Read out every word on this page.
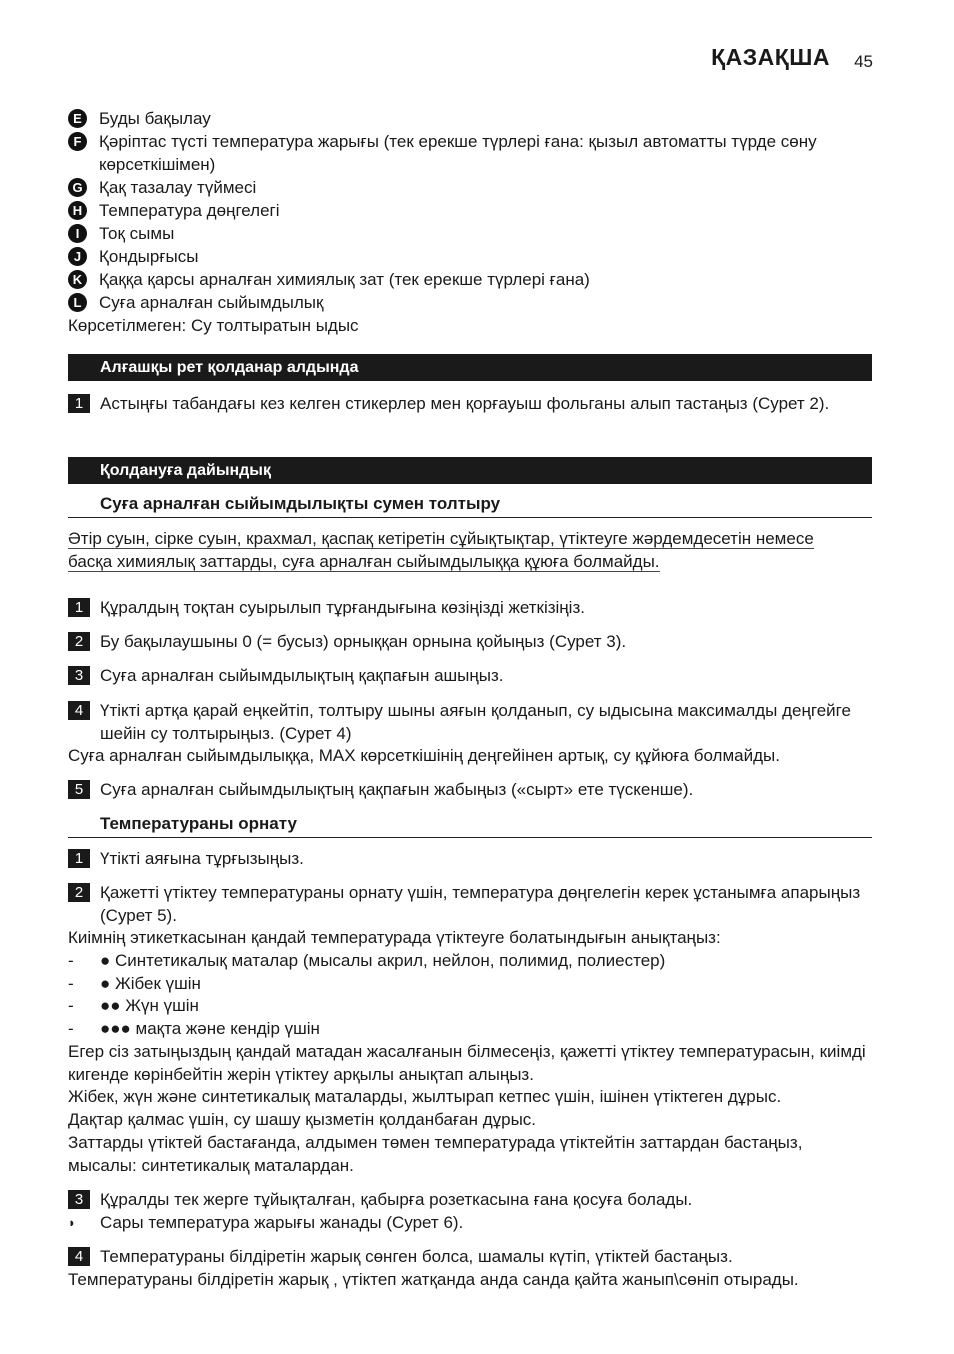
ҚАЗАҚША 45
E	Буды бақылау
F	Қәріптас түсті температура жарығы (тек ерекше түрлері ғана: қызыл автоматты түрде сөну көрсеткішімен)
G Қақ тазалау түймесі
H Температура дөңгелегі
I	Тоқ сымы
J	Қондырғысы
K Қаққа қарсы арналған химиялық зат (тек ерекше түрлері ғана)
L	Суға арналған сыйымдылық
Көрсетілмеген: Су толтыратын ыдыс
Алғашқы рет қолданар алдында
1 Астыңғы табандағы кез келген стикерлер мен қорғауыш фольганы алып тастаңыз (Сурет 2).
Қолдануға дайындық
Суға арналған сыйымдылықты сумен толтыру
Әтір суын, сірке суын, крахмал, қаспақ кетіретін сұйықтықтар, үтіктеуге жәрдемдесетін немесе басқа химиялық заттарды, суға арналған сыйымдылыққа құюға болмайды.
1 Құралдың тоқтан суырылып тұрғандығына көзіңізді жеткізіңіз.
2 Бу бақылаушыны 0 (= бусыз) орныққан орнына қойыңыз (Сурет 3).
3 Суға арналған сыйымдылықтың қақпағын ашыңыз.
4 Үтікті артқа қарай еңкейтіп, толтыру шыны аяғын қолданып, су ыдысына максималды деңгейге шейін су толтырыңыз. (Сурет 4)
Суға арналған сыйымдылыққа, MAX көрсеткішінің деңгейінен артық, су құйюға болмайды.
5 Суға арналған сыйымдылықтың қақпағын жабыңыз («сырт» ете түскенше).
Температураны орнату
1 Үтікті аяғына тұрғызыңыз.
2 Қажетті үтіктеу температураны орнату үшін, температура дөңгелегін керек ұстанымға апарыңыз (Сурет 5).
Киімнің этикеткасынан қандай температурада үтіктеуге болатындығын анықтаңыз:
-	● Синтетикалық маталар (мысалы акрил, нейлон, полимид, полиестер)
-	● Жібек үшін
-	●● Жүн үшін
-	●●● мақта және кендір үшін
Егер сіз затыңыздың қандай матадан жасалғанын білмесеңіз, қажетті үтіктеу температурасын, киімді кигенде көрінбейтін жерін үтіктеу арқылы анықтап алыңыз.
Жібек, жүн және синтетикалық маталарды, жылтырап кетпес үшін, ішінен үтіктеген дұрыс.
Дақтар қалмас үшін, су шашу қызметін қолданбаған дұрыс.
Заттарды үтіктей бастағанда, алдымен төмен температурада үтіктейтін заттардан бастаңыз, мысалы: синтетикалық маталардан.
3 Құралды тек жерге тұйықталған, қабырға розеткасына ғана қосуға болады.
◗	Сары температура жарығы жанады (Сурет 6).
4 Температураны білдіретін жарық сөнген болса, шамалы күтіп, үтіктей бастаңыз.
Температураны білдіретін жарық , үтіктеп жатқанда анда санда қайта жанып\сөніп отырады.
